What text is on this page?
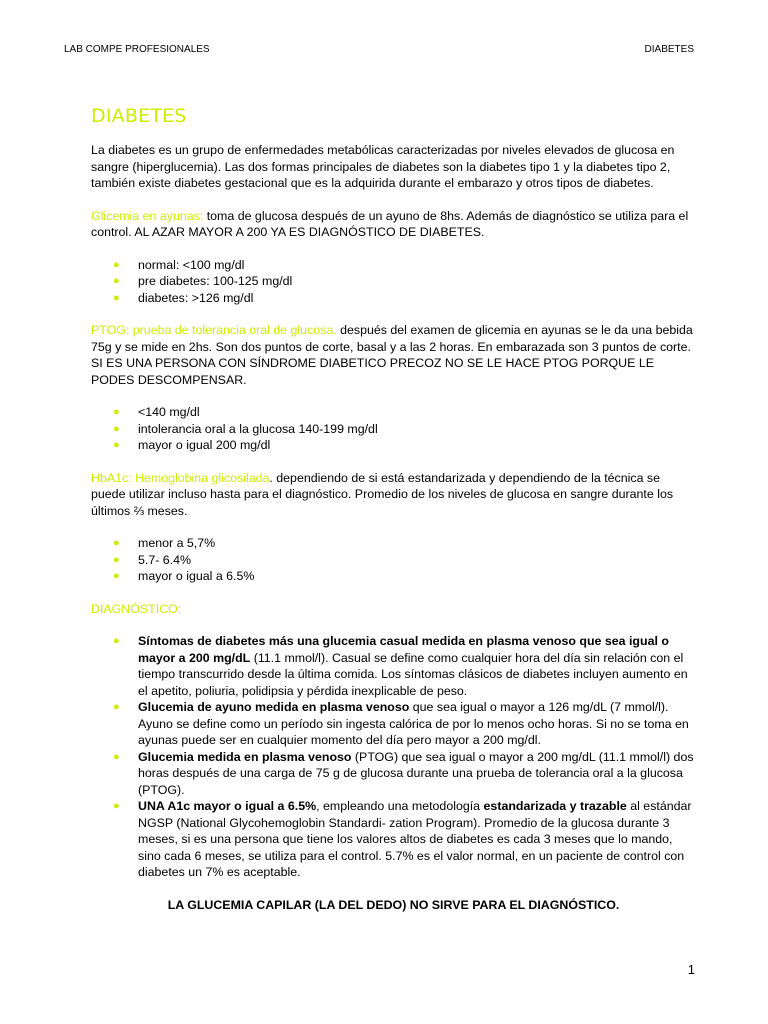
LAB COMPE PROFESIONALES	DIABETES
DIABETES

La diabetes es un grupo de enfermedades metabólicas caracterizadas por niveles elevados de glucosa en sangre (hiperglucemia). Las dos formas principales de diabetes son la diabetes tipo 1 y la diabetes tipo 2, también existe diabetes gestacional que es la adquirida durante el embarazo y otros tipos de diabetes.

Glicemia en ayunas: toma de glucosa después de un ayuno de 8hs. Además de diagnóstico se utiliza para el control. AL AZAR MAYOR A 200 YA ES DIAGNÓSTICO DE DIABETES.

● normal: <100 mg/dl
● pre diabetes: 100-125 mg/dl
● diabetes: >126 mg/dl

PTOG: prueba de tolerancia oral de glucosa. después del examen de glicemia en ayunas se le da una bebida 75g y se mide en 2hs. Son dos puntos de corte, basal y a las 2 horas. En embarazada son 3 puntos de corte. SI ES UNA PERSONA CON SÍNDROME DIABETICO PRECOZ NO SE LE HACE PTOG PORQUE LE PODES DESCOMPENSAR.

● <140 mg/dl
● intolerancia oral a la glucosa 140-199 mg/dl
● mayor o igual 200 mg/dl

HbA1c: Hemoglobina glicosilada. dependiendo de si está estandarizada y dependiendo de la técnica se puede utilizar incluso hasta para el diagnóstico. Promedio de los niveles de glucosa en sangre durante los últimos ⅔ meses.

● menor a 5,7%
● 5.7- 6.4%
● mayor o igual a 6.5%

DIAGNÓSTICO:

● Síntomas de diabetes más una glucemia casual medida en plasma venoso que sea igual o mayor a 200 mg/dL (11.1 mmol/l). Casual se define como cualquier hora del día sin relación con el tiempo transcurrido desde la última comida. Los síntomas clásicos de diabetes incluyen aumento en el apetito, poliuria, polidipsia y pérdida inexplicable de peso.
● Glucemia de ayuno medida en plasma venoso que sea igual o mayor a 126 mg/dL (7 mmol/l). Ayuno se define como un período sin ingesta calórica de por lo menos ocho horas. Si no se toma en ayunas puede ser en cualquier momento del día pero mayor a 200 mg/dl.
● Glucemia medida en plasma venoso (PTOG) que sea igual o mayor a 200 mg/dL (11.1 mmol/l) dos horas después de una carga de 75 g de glucosa durante una prueba de tolerancia oral a la glucosa (PTOG).
● UNA A1c mayor o igual a 6.5%, empleando una metodología estandarizada y trazable al estándar NGSP (National Glycohemoglobin Standardi- zation Program). Promedio de la glucosa durante 3 meses, si es una persona que tiene los valores altos de diabetes es cada 3 meses que lo mando, sino cada 6 meses, se utiliza para el control. 5.7% es el valor normal, en un paciente de control con diabetes un 7% es aceptable.

LA GLUCEMIA CAPILAR (LA DEL DEDO) NO SIRVE PARA EL DIAGNÓSTICO.

1
